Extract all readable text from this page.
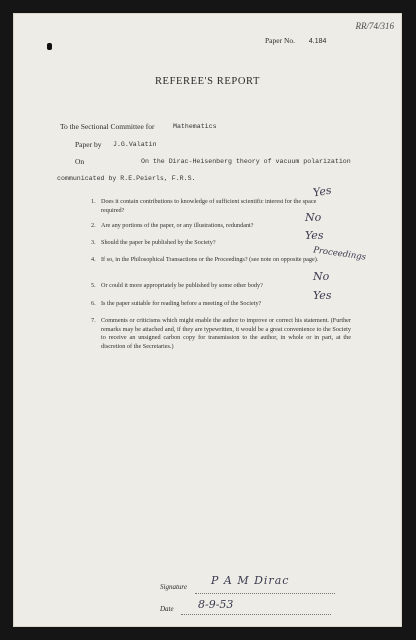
RR/74/316
Paper No. 4.184
REFEREE'S REPORT
To the Sectional Committee for	Mathematics
Paper by J.G.Valatin
On	On the Dirac-Heisenberg theory of vacuum polarization
communicated by R.E.Peierls, F.R.S.
1. Does it contain contributions to knowledge of sufficient scientific interest for the space required?
Yes
2. Are any portions of the paper, or any illustrations, redundant?
No
3. Should the paper be published by the Society?
Yes
4. If so, in the Philosophical Transactions or the Proceedings? (see note on opposite page).
Proceedings
5. Or could it more appropriately be published by some other body?
No
6. Is the paper suitable for reading before a meeting of the Society?
Yes
7. Comments or criticisms which might enable the author to improve or correct his statement. (Further remarks may be attached and, if they are typewritten, it would be a great convenience to the Society to receive an unsigned carbon copy for transmission to the author, in whole or in part, at the discretion of the Secretaries.)
Signature P A M Dirac
Date 8-9-53
